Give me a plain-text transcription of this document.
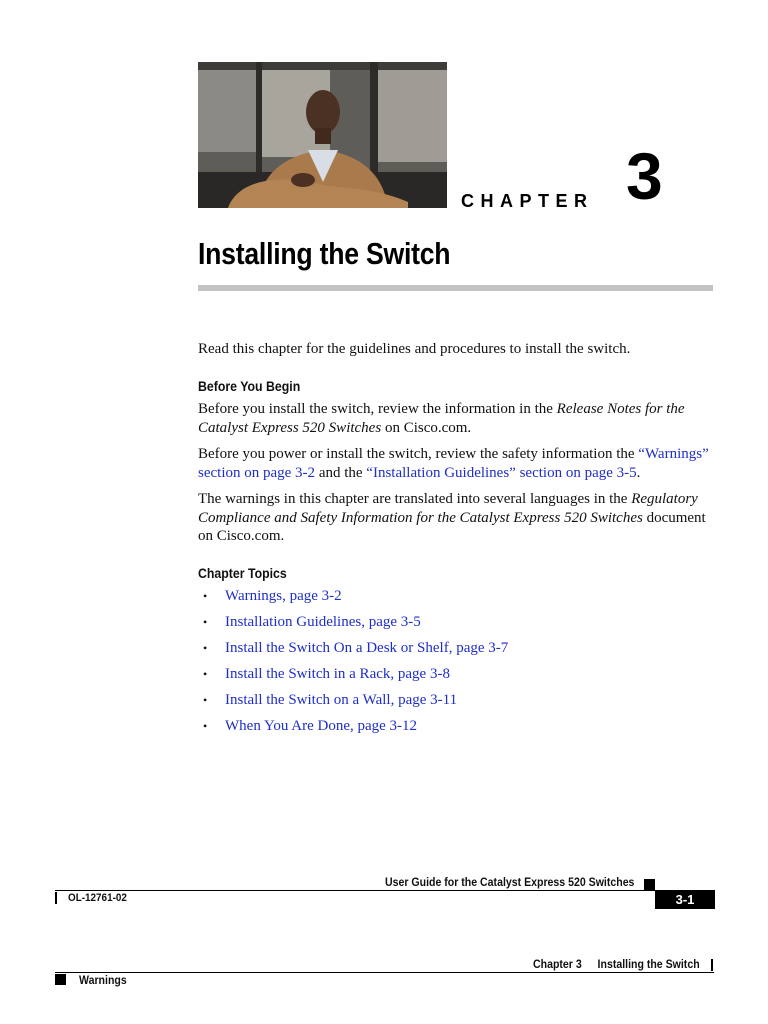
CHAPTER 3
Installing the Switch

Read this chapter for the guidelines and procedures to install the switch.

Before You Begin

Before you install the switch, review the information in the Release Notes for the Catalyst Express 520 Switches on Cisco.com.

Before you power or install the switch, review the safety information the “Warnings” section on page 3-2 and the “Installation Guidelines” section on page 3-5.

The warnings in this chapter are translated into several languages in the Regulatory Compliance and Safety Information for the Catalyst Express 520 Switches document on Cisco.com.

Chapter Topics
• Warnings, page 3-2
• Installation Guidelines, page 3-5
• Install the Switch On a Desk or Shelf, page 3-7
• Install the Switch in a Rack, page 3-8
• Install the Switch on a Wall, page 3-11
• When You Are Done, page 3-12
User Guide for the Catalyst Express 520 Switches
OL-12761-02	3-1
Chapter 3 Installing the Switch
Warnings
